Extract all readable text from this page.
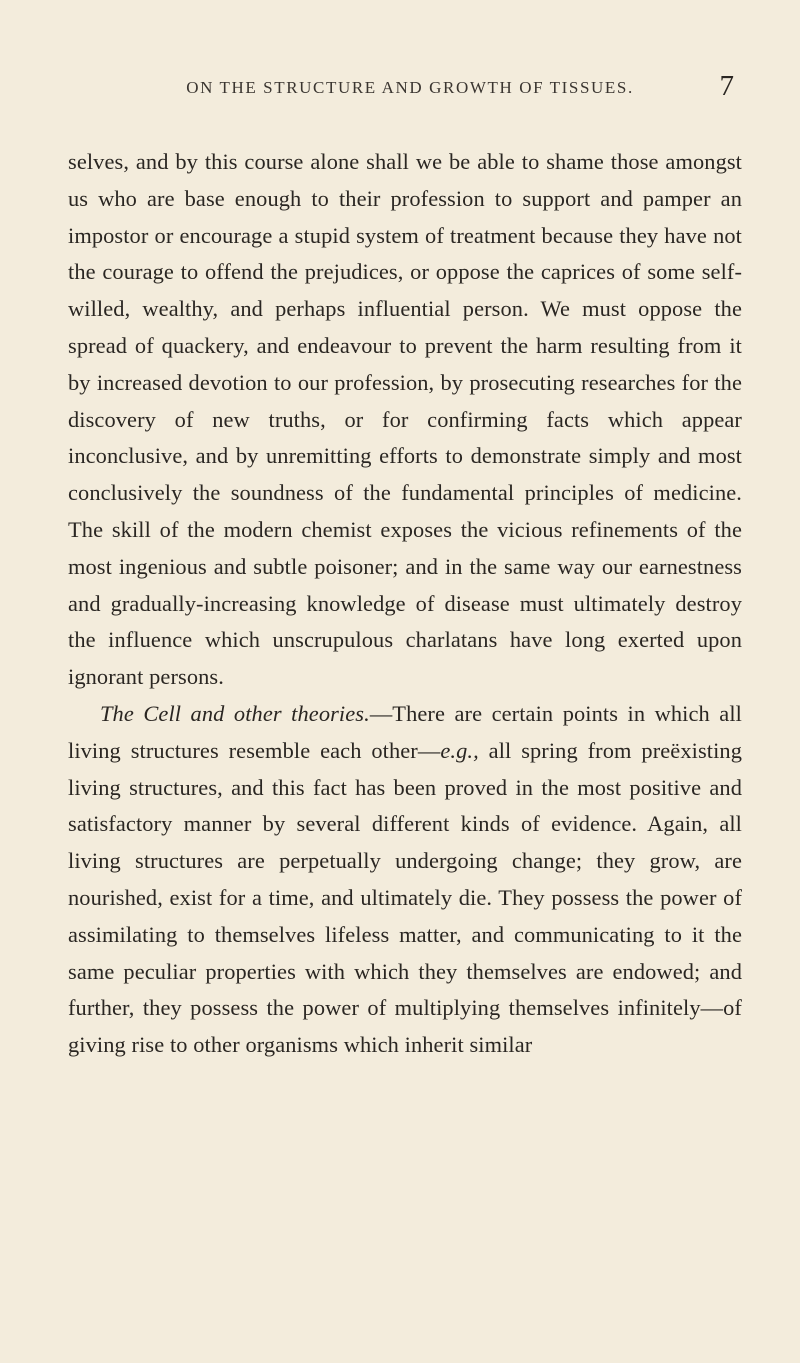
ON THE STRUCTURE AND GROWTH OF TISSUES.	7

selves, and by this course alone shall we be able to shame those amongst us who are base enough to their profession to support and pamper an impostor or encourage a stupid system of treatment because they have not the courage to offend the prejudices, or oppose the caprices of some self-willed, wealthy, and perhaps influential person. We must oppose the spread of quackery, and endeavour to prevent the harm resulting from it by increased devotion to our profession, by prosecuting researches for the discovery of new truths, or for confirming facts which appear inconclusive, and by unremitting efforts to demonstrate simply and most conclusively the soundness of the fundamental principles of medicine. The skill of the modern chemist exposes the vicious refinements of the most ingenious and subtle poisoner; and in the same way our earnestness and gradually-increasing knowledge of disease must ultimately destroy the influence which unscrupulous charlatans have long exerted upon ignorant persons.

The Cell and other theories.—There are certain points in which all living structures resemble each other—e.g., all spring from preëxisting living structures, and this fact has been proved in the most positive and satisfactory manner by several different kinds of evidence. Again, all living structures are perpetually undergoing change; they grow, are nourished, exist for a time, and ultimately die. They possess the power of assimilating to themselves lifeless matter, and communicating to it the same peculiar properties with which they themselves are endowed; and further, they possess the power of multiplying themselves infinitely—of giving rise to other organisms which inherit similar
